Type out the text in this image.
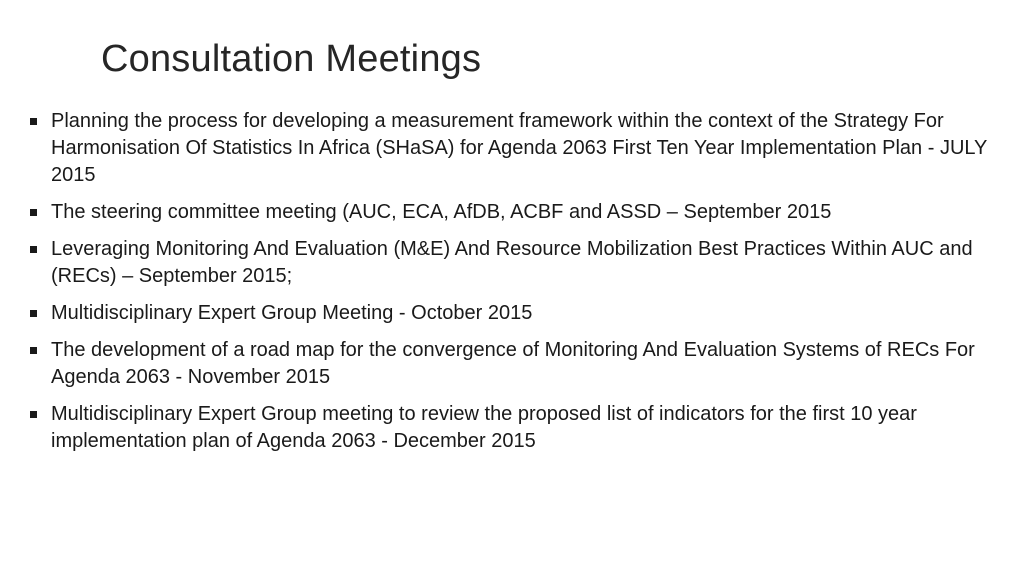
Consultation Meetings
Planning the process for developing a measurement framework within the context of the Strategy For Harmonisation Of Statistics In Africa (SHaSA) for Agenda 2063 First Ten Year Implementation Plan - JULY 2015
The steering committee meeting (AUC, ECA, AfDB, ACBF and ASSD – September 2015
Leveraging Monitoring And Evaluation (M&E) And Resource Mobilization Best Practices Within AUC and (RECs) – September 2015;
Multidisciplinary Expert Group Meeting - October 2015
The development of a road map for the convergence of Monitoring And Evaluation Systems of RECs For Agenda 2063 - November 2015
Multidisciplinary Expert Group meeting to review the proposed list of indicators for the first 10 year implementation plan of Agenda 2063 - December 2015
